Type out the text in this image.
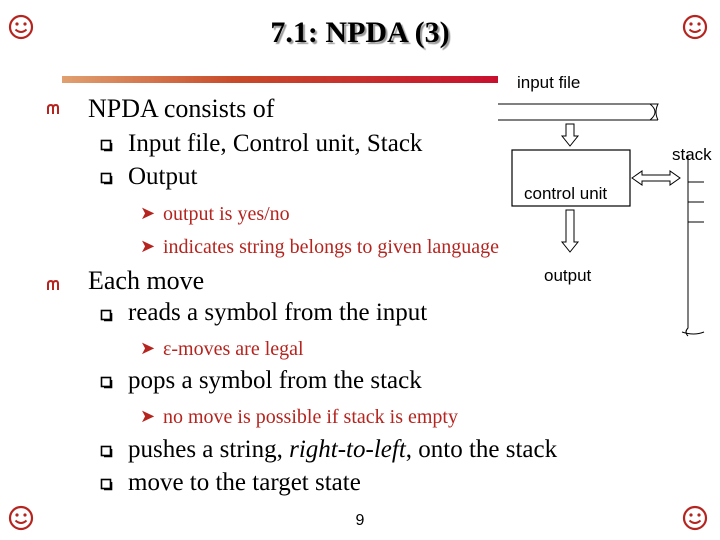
7.1: NPDA (3)
input file
control unit
stack
output
NPDA consists of
Input file, Control unit, Stack
Output
➤ output is yes/no
➤ indicates string belongs to given language
Each move
reads a symbol from the input
➤ ε-moves are legal
pops a symbol from the stack
➤ no move is possible if stack is empty
pushes a string, right-to-left, onto the stack
move to the target state
9
